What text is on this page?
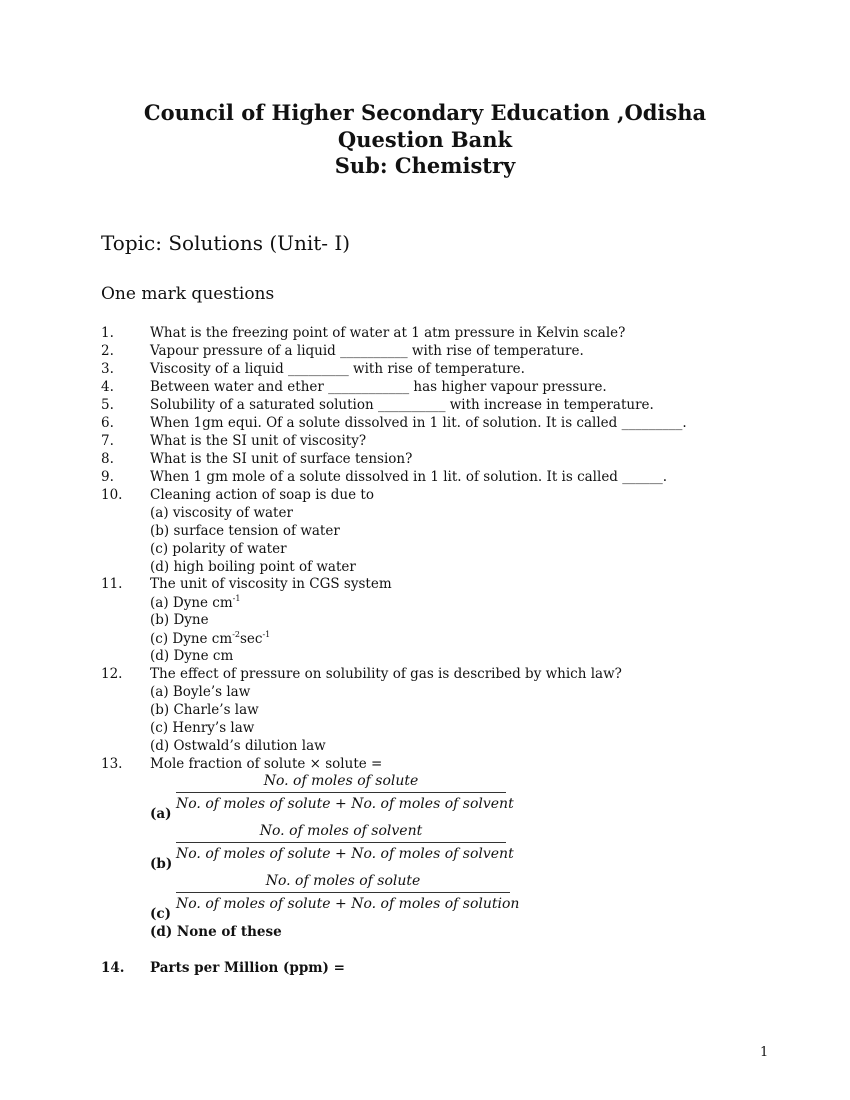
Council of Higher Secondary Education ,Odisha
Question Bank
Sub: Chemistry
Topic: Solutions (Unit- I)
One mark questions
1.	What is the freezing point of water at 1 atm pressure in Kelvin scale?
2.	Vapour pressure of a liquid __________ with rise of temperature.
3.	Viscosity of a liquid _________ with rise of temperature.
4.	Between water and ether ____________ has higher vapour pressure.
5.	Solubility of a saturated solution __________ with increase in temperature.
6.	When 1gm equi. Of a solute dissolved in 1 lit. of solution. It is called _________.
7.	What is the SI unit of viscosity?
8.	What is the SI unit of surface tension?
9.	When 1 gm mole of a solute dissolved in 1 lit. of solution. It is called ______.
10. Cleaning action of soap is due to
(a) viscosity of water
(b) surface tension of water
(c) polarity of water
(d) high boiling point of water
11. The unit of viscosity in CGS system
(a) Dyne $cm^{-1}$
(b) Dyne
(c) Dyne $cm^{-2}\sec^{-1}$
(d) Dyne cm
12. The effect of pressure on solubility of gas is described by which law?
(a) Boyle’s law
(b) Charle’s law
(c) Henry’s law
(d) Ostwald’s dilution law
13. Mole fraction of solute × solute =
No. of moles of solute
No. of moles of solute + No. of moles of solvent
(a)
No. of moles of solvent
No. of moles of solute + No. of moles of solvent
(b)
No. of moles of solute
No. of moles of solute + No. of moles of solution
(c)
(d) None of these
14. Parts per Million (ppm) =
1
